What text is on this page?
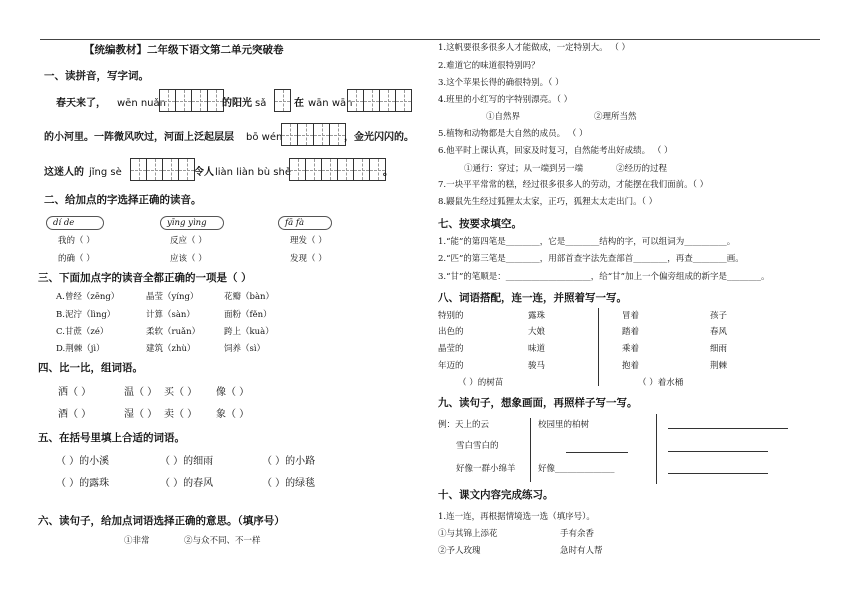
【统编教材】二年级下语文第二单元突破卷
一、读拼音，写字词。
春天来了， wēn nuǎn	的阳光 sǎ	在 wān wān
的小河里。一阵微风吹过，河面上泛起层层 bō wén	，金光闪闪的。
这迷人的 jǐng sè	令人 liàn liàn bù shě	。
二、给加点的字选择正确的读音。
dí de	yīng yìng	fā fà
我的（ ）	反应（ ）	理发（ ）
的确（ ）	应该（ ）	发现（ ）
三、下面加点字的读音全都正确的一项是（ ）
A.曾经（zēng）	晶莹（yíng）	花瓣（bàn）
B.泥泞（lìng）	计算（sàn）	面粉（fěn）
C.甘蔗（zé）	柔软（ruǎn）	跨上（kuà）
D.荆棘（jì）	建筑（zhù）	饲养（sì）
四、比一比，组词语。
洒（ ）	温（ ） 买（ ） 像（ ）
酒（ ）	湿（ ） 卖（ ） 象（ ）
五、在括号里填上合适的词语。
（ ）的小溪	（ ）的细雨	（ ）的小路
（ ）的露珠	（ ）的春风	（ ）的绿毯
六、读句子，给加点词语选择正确的意思。（填序号）
①非常	②与众不同、不一样
1.这帆要很多很多人才能做成，一定特别大。 （ ）
2.难道它的味道很特别吗？
3.这个苹果长得的确很特别。（ ）
4.班里的小红写的字特别漂亮。（ ）
①自然界	②理所当然
5.植物和动物都是大自然的成员。 （ ）
6.他平时上课认真，回家及时复习，自然能考出好成绩。 （ ）
①通行：穿过；从一端到另一端	②经历的过程
7.一块平平常常的糕，经过很多很多人的劳动，才能摆在我们面前。（ ）
8.鼹鼠先生经过狐狸太太家，正巧，狐狸太太走出门。（ ）
七、按要求填空。
1.“能”的第四笔是________，它是________结构的字，可以组词为__________。
2.“匹”的第三笔是________，用部首查字法先查部首________，再查________画。
3.“甘”的笔顺是：____________________，给“甘”加上一个偏旁组成的新字是________。
八、词语搭配，连一连，并照着写一写。
特别的
出色的
晶莹的
年迈的
露珠
大娘
味道
骏马
冒着
踏着
乘着
抱着
孩子
春风
细雨
荆棘
（ ）的树苗	（ ）着水桶
九、读句子，想象画面，再照样子写一写。
例：天上的云
雪白雪白的
好像一群小绵羊
校园里的柏树
好像______________
十、课文内容完成练习。
1.连一连，再根据情境选一选（填序号）。
①与其锦上添花	手有余香
②予人玫瑰	急时有人帮
